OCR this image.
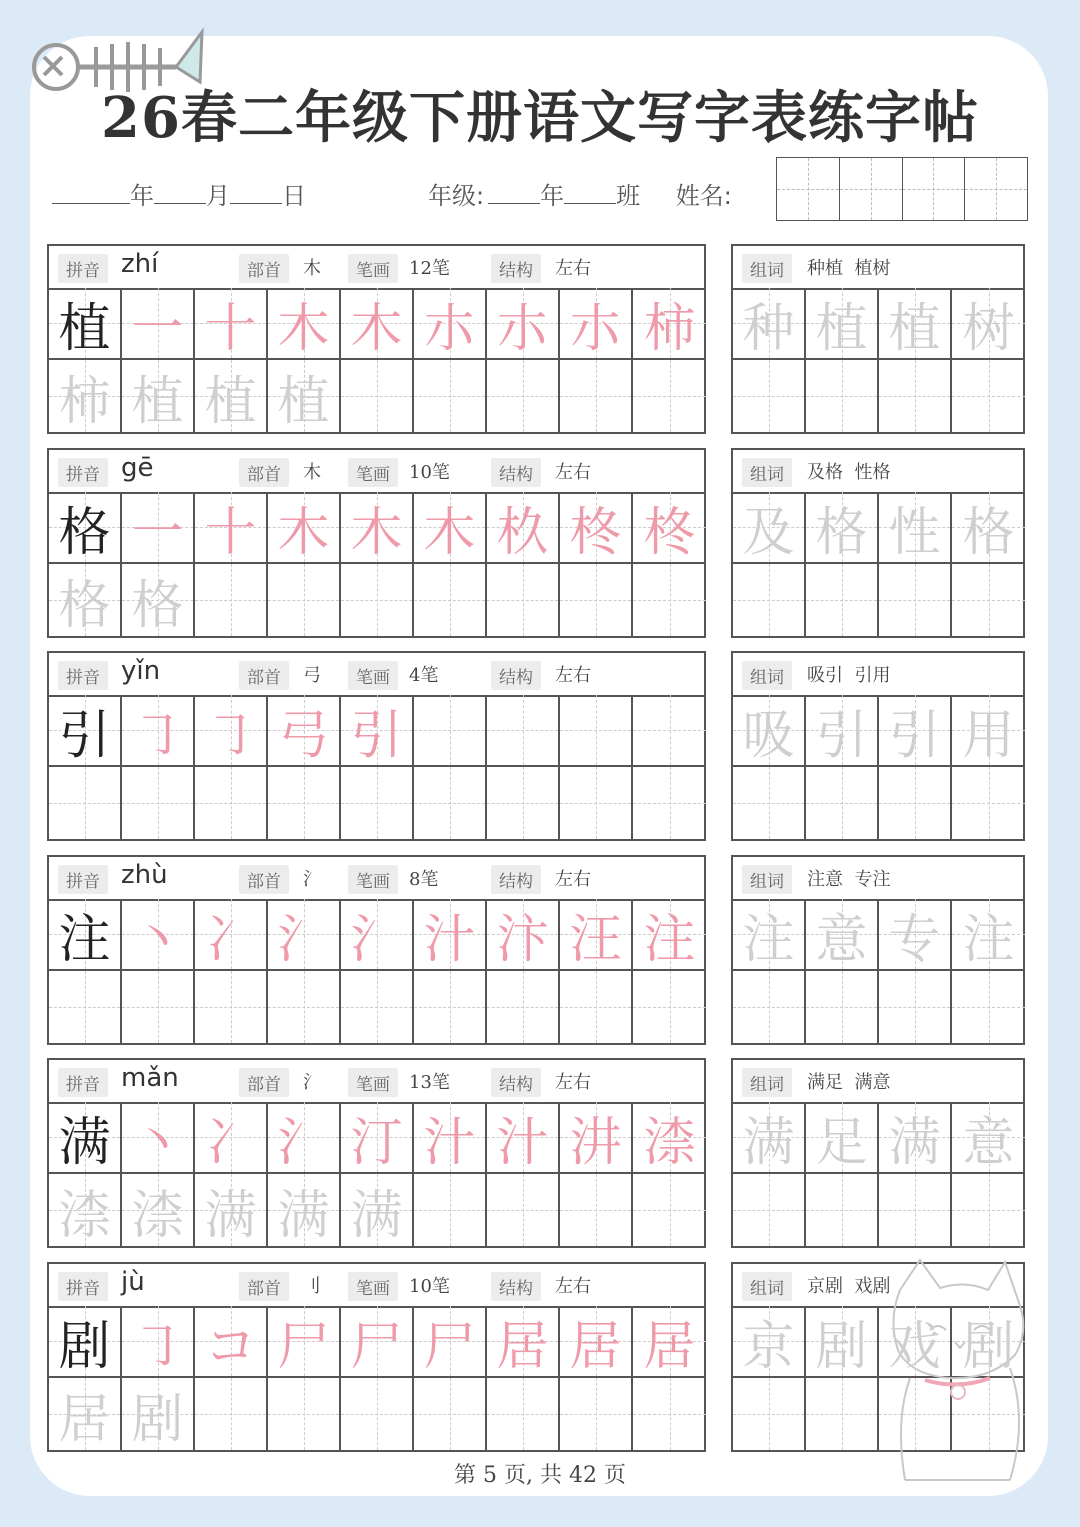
26春二年级下册语文写字表练字帖
年 月 日	年级: 年 班 姓名:
拼音 zhí	部首	木	笔画	12笔	结构	左右
植 一 十 木 木 朩 朩 朩 柿
柿 植 植 植
组词	种植  植树
种 植 植 树
拼音 gē	部首	木	笔画	10笔	结构	左右
格 一 十 木 木 木 杦 柊 柊
格 格
组词	及格  性格
及 格 性 格
拼音 yǐn	部首	弓	笔画	4笔	结构	左右
引 ㇆ ㇆ 弓 引
组词	吸引  引用
吸 引 引 用
拼音 zhù	部首	氵	笔画	8笔	结构	左右
注 丶 冫 氵 氵 汁 汴 汪 注
组词	注意  专注
注 意 专 注
拼音 mǎn	部首	氵	笔画	13笔	结构	左右
满 丶 冫 氵 汀 汁 汁 汫 渿
渿 渿 满 满 满
组词	满足  满意
满 足 满 意
拼音 jù	部首	刂	笔画	10笔	结构	左右
剧 ㇆ コ 尸 尸 尸 居 居 居
居 剧
组词	京剧  戏剧
京 剧 戏 剧
第 5 页, 共 42 页
